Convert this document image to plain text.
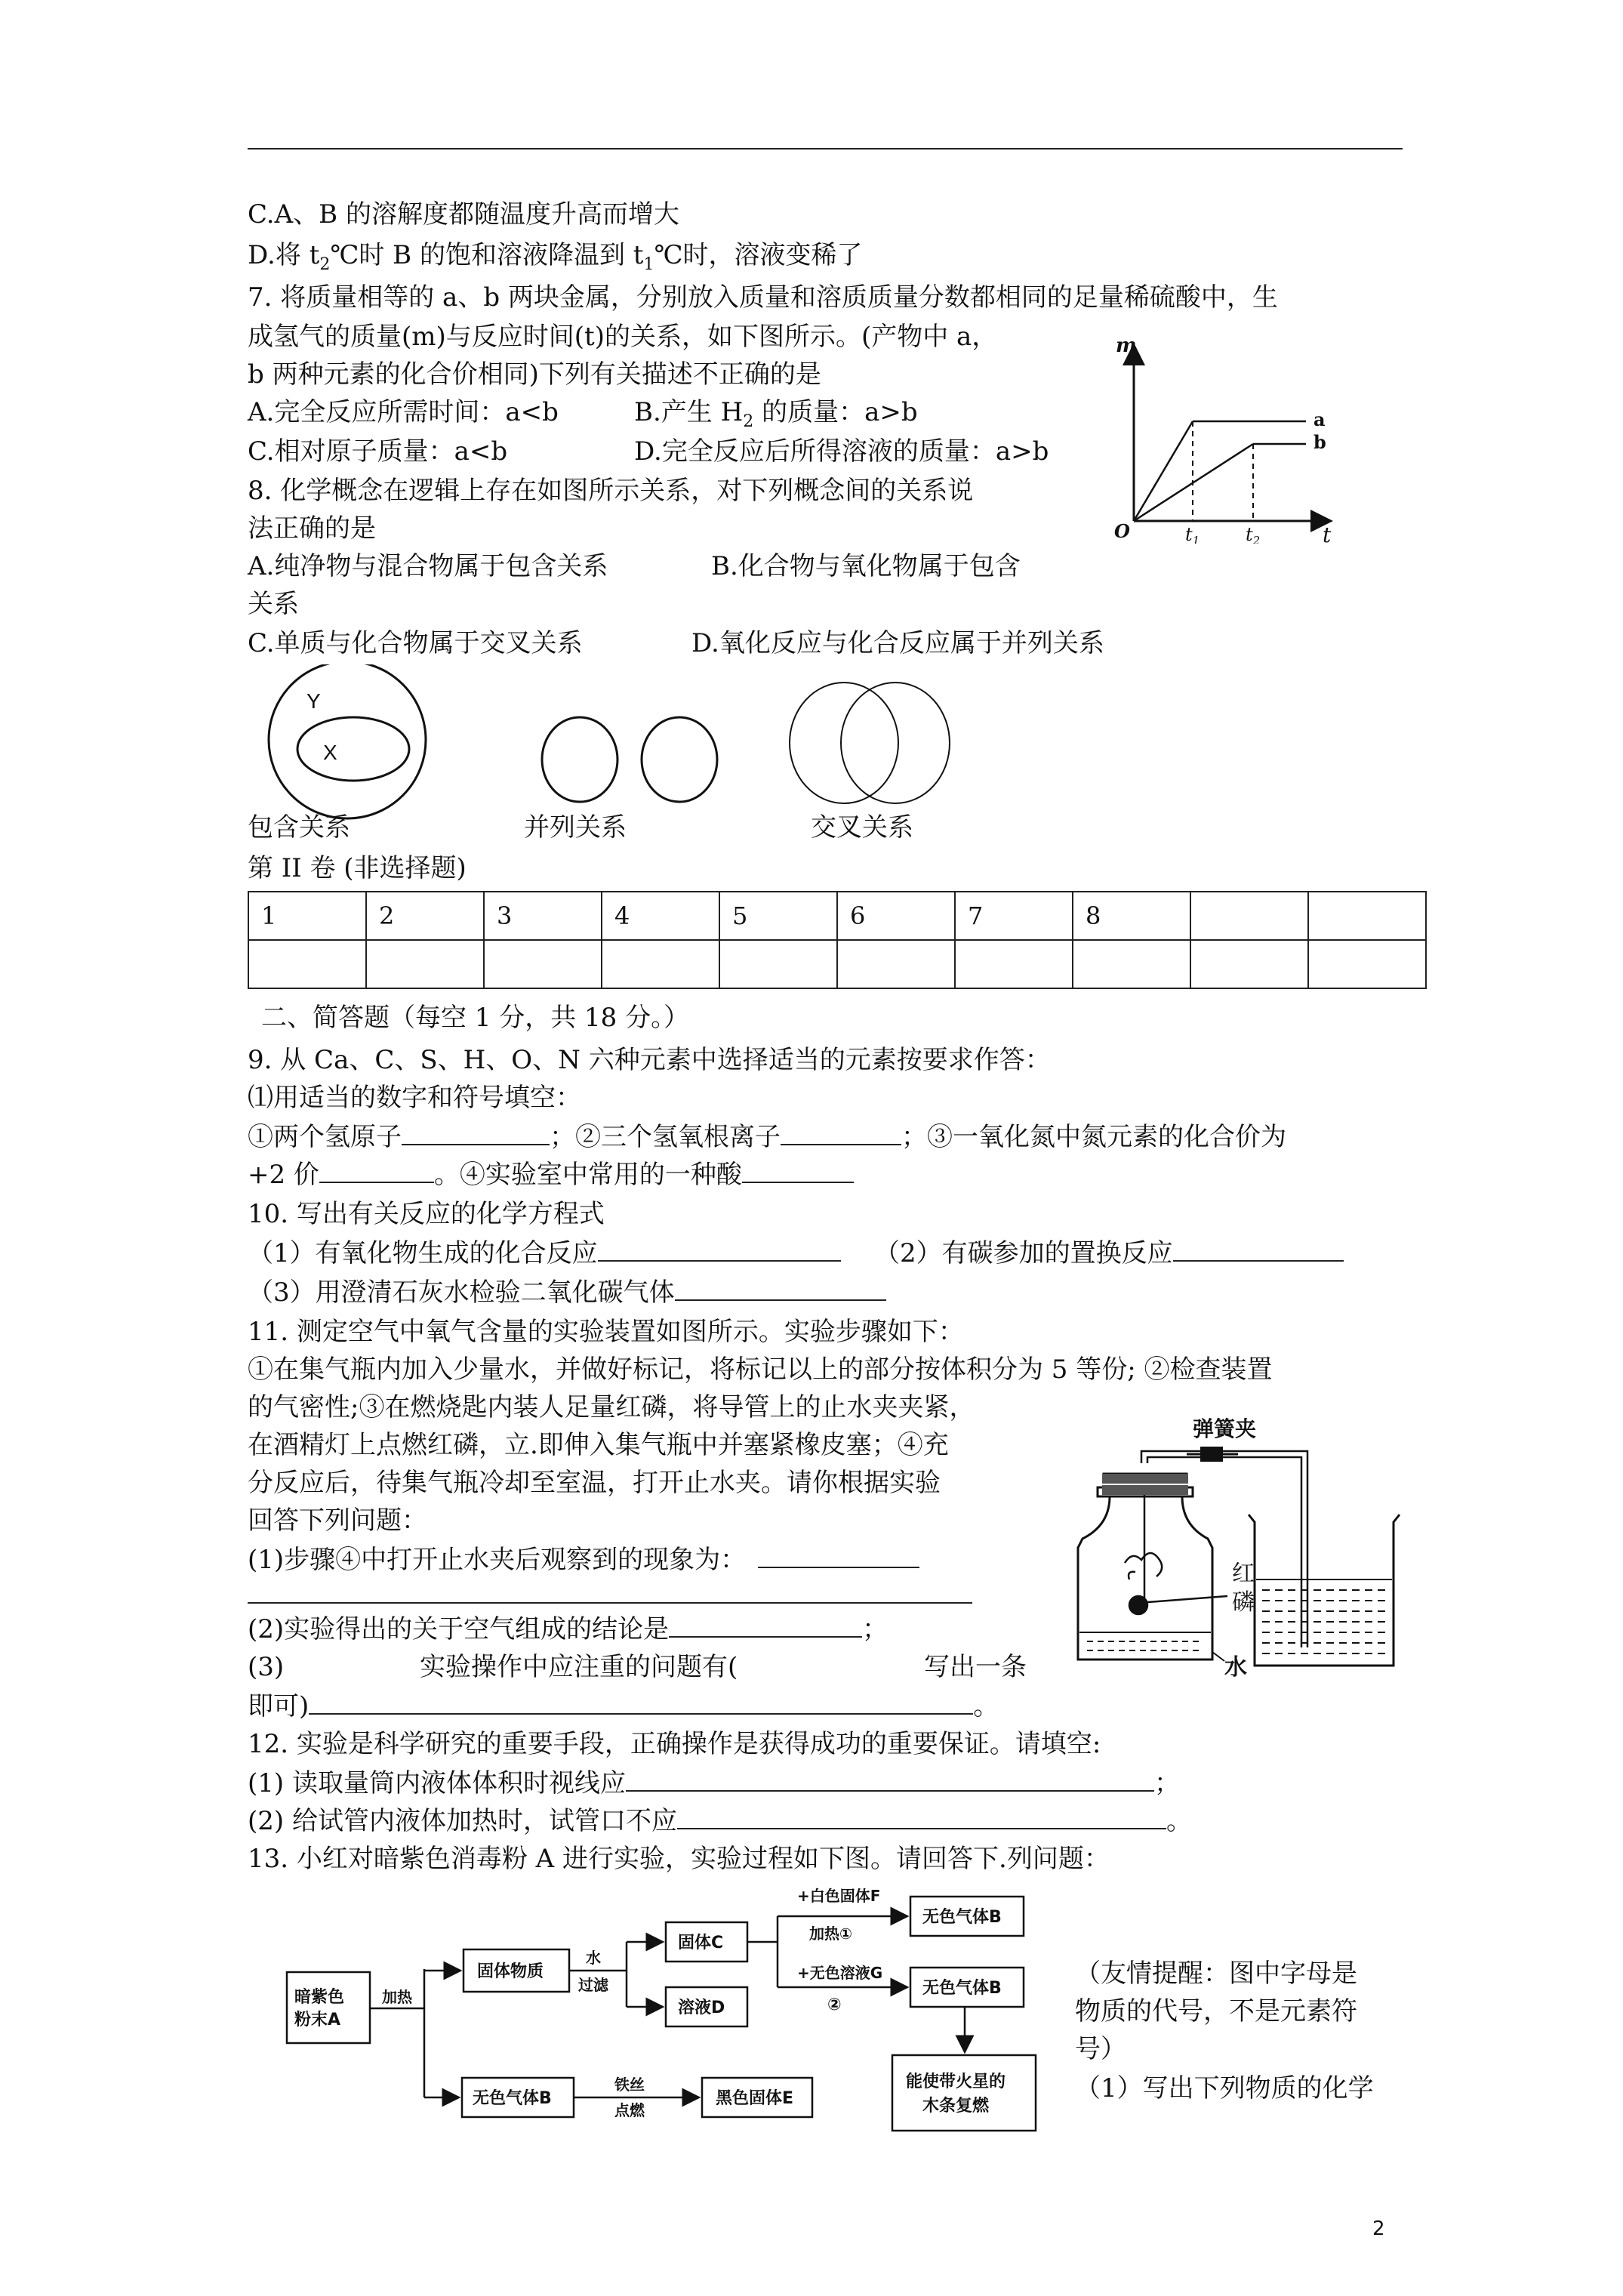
C.A、B 的溶解度都随温度升高而增大
D.将 $t_2℃$时 B 的饱和溶液降温到 $t_1℃$时，溶液变稀了
7. 将质量相等的 a、b 两块金属，分别放入质量和溶质质量分数都相同的足量稀硫酸中，生
成氢气的质量(m)与反应时间(t)的关系，如下图所示。(产物中 a，
b 两种元素的化合价相同)下列有关描述不正确的是
A.完全反应所需时间：a<b	B.产生 $H_2$ 的质量：a>b
C.相对原子质量：a<b	D.完全反应后所得溶液的质量：a>b
m
t
O
a
b
$t_1$	$t_2$
8. 化学概念在逻辑上存在如图所示关系，对下列概念间的关系说
法正确的是
A.纯净物与混合物属于包含关系	B.化合物与氧化物属于包含
关系
C.单质与化合物属于交叉关系	D.氧化反应与化合反应属于并列关系
Y
X
包含关系	并列关系	交叉关系
第 II 卷 (非选择题)
1	2	3	4	5	6	7	8		

二、简答题（每空 1 分，共 18 分。）
9. 从 Ca、C、S、H、O、N 六种元素中选择适当的元素按要求作答：
⑴用适当的数字和符号填空：
①两个氢原子	；②三个氢氧根离子	；③一氧化氮中氮元素的化合价为
+2 价	。④实验室中常用的一种酸
10. 写出有关反应的化学方程式
（1）有氧化物生成的化合反应	（2）有碳参加的置换反应
（3）用澄清石灰水检验二氧化碳气体
11. 测定空气中氧气含量的实验装置如图所示。实验步骤如下：
①在集气瓶内加入少量水，并做好标记，将标记以上的部分按体积分为 5 等份; ②检查装置
的气密性;③在燃烧匙内装人足量红磷，将导管上的止水夹夹紧，
在酒精灯上点燃红磷，立.即伸入集气瓶中并塞紧橡皮塞；④充
分反应后，待集气瓶冷却至室温，打开止水夹。请你根据实验
回答下列问题：
(1)步骤④中打开止水夹后观察到的现象为：
(2)实验得出的关于空气组成的结论是	；
(3)	实验操作中应注重的问题有(	写出一条
即可)	。
弹簧夹
红
磷
水
12. 实验是科学研究的重要手段，正确操作是获得成功的重要保证。请填空:
(1) 读取量筒内液体体积时视线应	；
(2) 给试管内液体加热时，试管口不应	。
13. 小红对暗紫色消毒粉 A 进行实验，实验过程如下图。请回答下.列问题：
（友情提醒：图中字母是
物质的代号，不是元素符
号）
（1）写出下列物质的化学
暗紫色
粉末A
加热
固体物质
水
过滤
固体C
溶液D
+白色固体F
加热①
无色气体B
+无色溶液G
②
无色气体B
能使带火星的
木条复燃
无色气体B
铁丝
点燃
黑色固体E
2
